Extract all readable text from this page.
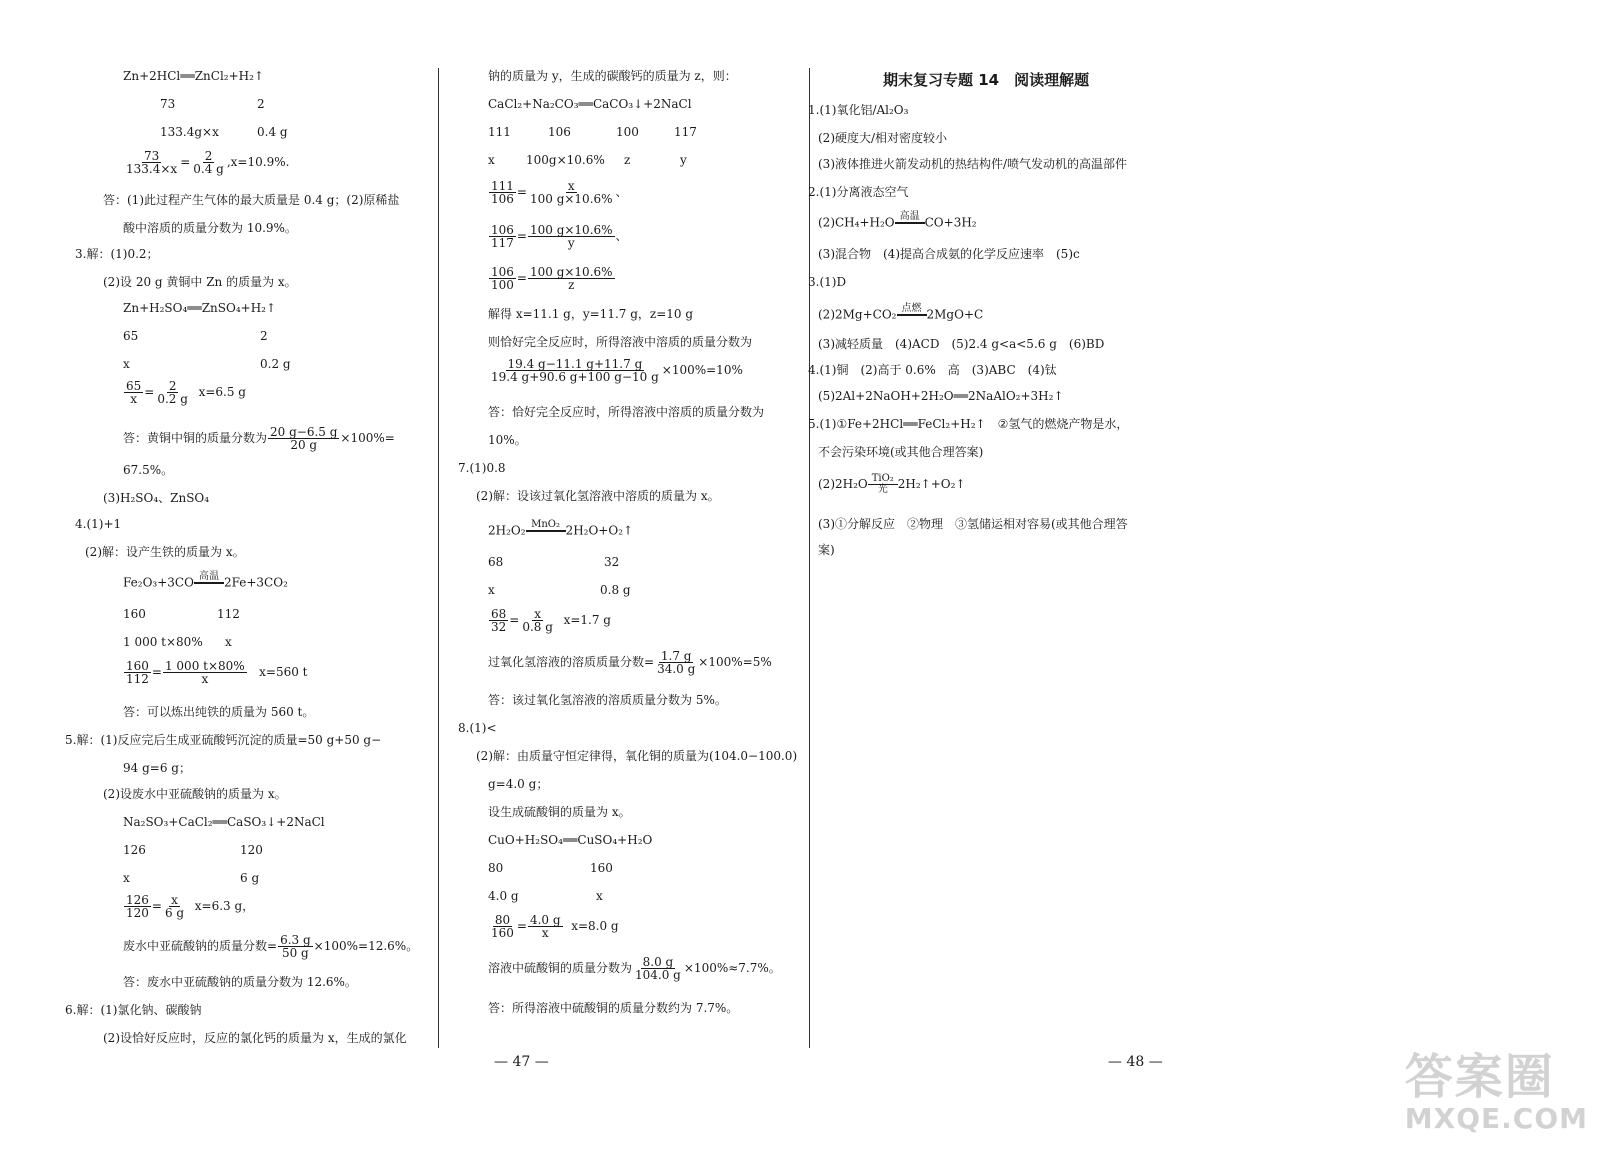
Zn+2HCl══ZnCl₂+H₂↑
73	2
133.4g×x	0.4 g
$\frac{73}{133.4\times x} = \frac{2}{0.4 g} ,x=10.9\%$.
答：(1)此过程产生气体的最大质量是 0.4 g；(2)原稀盐
酸中溶质的质量分数为 10.9%。
3.解：(1)0.2；
(2)设 20 g 黄铜中 Zn 的质量为 x。
Zn+H₂SO₄══ZnSO₄+H₂↑
65	2
x	0.2 g
$\frac{65}{x} = \frac{2}{0.2 g} x=6.5$ g
答：黄铜中铜的质量分数为 $\frac{20 g-6.5 g}{20 g} \times 100\%=$
67.5%。
(3)H₂SO₄、ZnSO₄
4.(1)+1
(2)解：设产生铁的质量为 x。
Fe₂O₃+3CO 高温
2Fe+3CO₂
160	112
1 000 t×80% x
$\frac{160}{112} = \frac{1 000 t\times 80\%}{x} x=560$ t
答：可以炼出纯铁的质量为 560 t。
5.解：(1)反应完后生成亚硫酸钙沉淀的质量=50 g+50 g−
94 g=6 g；
(2)设废水中亚硫酸钠的质量为 x。
Na₂SO₃+CaCl₂══CaSO₃↓+2NaCl
126	120
x	6 g
$\frac{126}{120} = \frac{x}{6 g} x=6.3$ g，
废水中亚硫酸钠的质量分数= $\frac{6.3 g}{50 g} \times 100\%=12.6\%$。
答：废水中亚硫酸钠的质量分数为 12.6%。
6.解：(1)氯化钠、碳酸钠
(2)设恰好反应时，反应的氯化钙的质量为 x，生成的氯化
钠的质量为 y，生成的碳酸钙的质量为 z，则：
CaCl₂+Na₂CO₃══CaCO₃↓+2NaCl
111	106	100	117
x	100g×10.6% z	y
$\frac{111}{106} = \frac{x}{100 g\times 10.6\%}$ 、
$\frac{106}{117} = \frac{100 g\times 10.6\%}{y}$ 、
$\frac{106}{100} = \frac{100 g\times 10.6\%}{z}$
解得 x=11.1 g，y=11.7 g，z=10 g
则恰好完全反应时，所得溶液中溶质的质量分数为
$\frac{19.4 g-11.1 g+11.7 g}{19.4 g+90.6 g+100 g-10 g} \times 100\%=10\%$
答：恰好完全反应时，所得溶液中溶质的质量分数为
10%。
7.(1)0.8
(2)解：设该过氧化氢溶液中溶质的质量为 x。
2H₂O₂ MnO₂
2H₂O+O₂↑
68	32
x	0.8 g
$\frac{68}{32} = \frac{x}{0.8 g} x=1.7$ g
过氧化氢溶液的溶质质量分数= $\frac{1.7 g}{34.0 g} \times 100\%=5\%$
答：该过氧化氢溶液的溶质质量分数为 5%。
8.(1)<
(2)解：由质量守恒定律得，氧化铜的质量为(104.0−100.0)
g=4.0 g；
设生成硫酸铜的质量为 x。
CuO+H₂SO₄══CuSO₄+H₂O
80	160
4.0 g	x
$\frac{80}{160} = \frac{4.0 g}{x} x=8.0$ g
溶液中硫酸铜的质量分数为 $\frac{8.0 g}{104.0 g} \times 100\%\approx 7.7\%$。
答：所得溶液中硫酸铜的质量分数约为 7.7%。
期末复习专题 14　阅读理解题
1.(1)氧化铝/Al₂O₃
(2)硬度大/相对密度较小
(3)液体推进火箭发动机的热结构件/喷气发动机的高温部件
2.(1)分离液态空气
(2)CH₄+H₂O 高温
CO+3H₂
(3)混合物　(4)提高合成氨的化学反应速率　(5)c
3.(1)D
(2)2Mg+CO₂ 点燃
2MgO+C
(3)减轻质量　(4)ACD　(5)2.4 g<a<5.6 g　(6)BD
4.(1)铜　(2)高于 0.6%　高　(3)ABC　(4)钛
(5)2Al+2NaOH+2H₂O══2NaAlO₂+3H₂↑
5.(1)①Fe+2HCl══FeCl₂+H₂↑　②氢气的燃烧产物是水，
不会污染环境(或其他合理答案)
(2)2H₂O TiO₂
光 2H₂↑+O₂↑
(3)①分解反应　②物理　③氢储运相对容易(或其他合理答
案)
— 47 —	— 48 —	答案圈
MXQE.COM
